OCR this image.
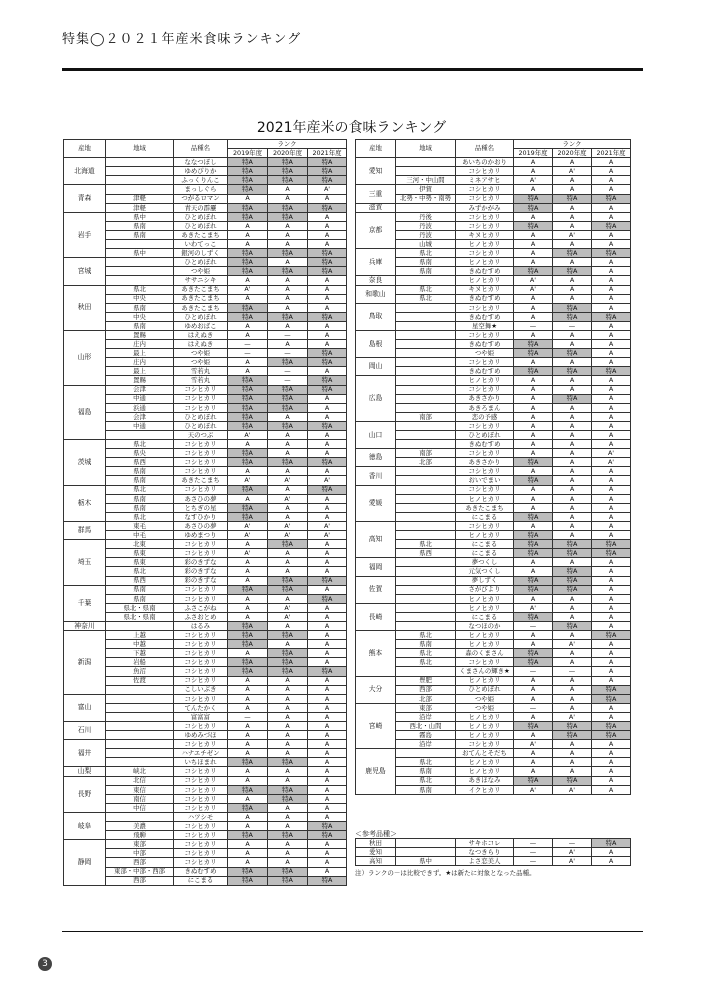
特集◯２０２１年産米食味ランキング
2021年産米の食味ランキング
産地	地域	品種名	ランク		
			2019年度	2020年度	2021年度
北海道		ななつぼし	特A	特A	特A
		ゆめぴりか	特A	特A	特A
		ふっくりんこ	特A	特A	特A
青森		まっしぐら	特A	A	A'
	津軽	つがるロマン	A	A	A
	津軽	青天の霹靂	特A	特A	特A
岩手	県中	ひとめぼれ	特A	特A	A
	県南	ひとめぼれ	A	A	A
	県南	あきたこまち	A	A	A
		いわてっこ	A	A	A
	県中	銀河のしずく	特A	特A	特A
宮城		ひとめぼれ	特A	A	特A
		つや姫	特A	特A	特A
		ササニシキ	A	A	A
秋田	県北	あきたこまち	A'	A	A
	中央	あきたこまち	A	A	A
	県南	あきたこまち	特A	A	A
	中央	ひとめぼれ	特A	特A	特A
	県南	ゆめおばこ	A	A	A
山形	置賜	はえぬき	A	—	A
	庄内	はえぬき	—	A	A
	最上	つや姫	—	—	特A
	庄内	つや姫	A	特A	特A
	最上	雪若丸	A	—	A
	置賜	雪若丸	特A	—	特A
福島	会津	コシヒカリ	特A	特A	特A
	中通	コシヒカリ	特A	特A	A
	浜通	コシヒカリ	特A	特A	A
	会津	ひとめぼれ	特A	A	A
	中通	ひとめぼれ	特A	特A	特A
		天のつぶ	A'	A	A
茨城	県北	コシヒカリ	A	A	A
	県央	コシヒカリ	特A	A	A
	県西	コシヒカリ	特A	特A	特A
	県南	コシヒカリ	A	A	A
	県南	あきたこまち	A'	A'	A'
栃木	県北	コシヒカリ	特A	A	特A
	県南	あさひの夢	A	A'	A
	県南	とちぎの星	特A	A	A
	県北	なすひかり	特A	A	A
群馬	東毛	あさひの夢	A'	A'	A'
	中毛	ゆめまつり	A'	A'	A'
埼玉	北東	コシヒカリ	A	特A	A
	県東	コシヒカリ	A'	A	A
	県東	彩のきずな	A	A	A
	県北	彩のきずな	A	A	A
	県西	彩のきずな	A	特A	特A
千葉	県南	コシヒカリ	特A	特A	A
	県南	コシヒカリ	A	A	特A
	県北・県南	ふさこがね	A	A'	A
	県北・県南	ふさおとめ	A	A'	A
神奈川		はるみ	特A	A	A
新潟	上越	コシヒカリ	特A	特A	A
	中越	コシヒカリ	特A	A	A
	下越	コシヒカリ	A	特A	A
	岩船	コシヒカリ	特A	特A	A
	魚沼	コシヒカリ	特A	特A	特A
	佐渡	コシヒカリ	A	A	A
		こしいぶき	A	A	A
富山		コシヒカリ	A	A	A
		てんたかく	A	A	A
		富富富	—	A	A
石川		コシヒカリ	A	A	A
		ゆめみづほ	A	A	A
福井		コシヒカリ	A	A	A
		ハナエチゼン	A	A	A
		いちほまれ	特A	特A	A
山梨	峡北	コシヒカリ	A	A	A
長野	北信	コシヒカリ	A	A	A
	東信	コシヒカリ	特A	特A	A
	南信	コシヒカリ	A	特A	A
	中信	コシヒカリ	特A	A	A
岐阜		ハツシモ	A	A	A
	美濃	コシヒカリ	A	A	特A
	飛騨	コシヒカリ	特A	特A	特A
静岡	東部	コシヒカリ	A	A	A
	中部	コシヒカリ	A	A	A
	西部	コシヒカリ	A	A	A
	東部・中部・西部	きぬむすめ	特A	特A	A
	西部	にこまる	特A	特A	特A
産地	地域	品種名	ランク		
			2019年度	2020年度	2021年度
愛知		あいちのかおり	A	A	A
		コシヒカリ	A	A'	A
	三河・中山間	ミネアサヒ	A'	A	A
三重	伊賀	コシヒカリ	A	A	A
	北勢・中勢・南勢	コシヒカリ	特A	特A	特A
滋賀		みずかがみ	特A	A	A
京都	丹後	コシヒカリ	A	A	A
	丹波	コシヒカリ	特A	A	特A
	丹波	キヌヒカリ	A	A'	A
	山城	ヒノヒカリ	A	A	A
兵庫	県北	コシヒカリ	A	特A	特A
	県南	ヒノヒカリ	A	A	A
	県南	きぬむすめ	特A	特A	A
奈良		ヒノヒカリ	A'	A	A
和歌山	県北	キヌヒカリ	A'	A	A
	県北	きぬむすめ	A	A	A
鳥取		コシヒカリ	A	特A	A
		きぬむすめ	A	特A	特A
		星空舞★	—	—	A
島根		コシヒカリ	A	A	A
		きぬむすめ	特A	A	A
		つや姫	特A	特A	A
岡山		コシヒカリ	A	A	A
		きぬむすめ	特A	特A	特A
広島		ヒノヒカリ	A	A	A
		コシヒカリ	A	A	A
		あきさかり	A	特A	A
		あきろまん	A	A	A
	南部	恋の予感	A	A	A
山口		コシヒカリ	A	A	A
		ひとめぼれ	A	A	A
		きぬむすめ	A	A	A
徳島	南部	コシヒカリ	A	A	A'
	北部	あきさかり	特A	A	A'
香川		コシヒカリ	A	A	A
		おいでまい	特A	A	A
愛媛		コシヒカリ	A	A	A
		ヒノヒカリ	A	A	A
		あきたこまち	A	A	A
		にこまる	特A	A	A
高知		コシヒカリ	A	A	A
		ヒノヒカリ	特A	A	A
	県北	にこまる	特A	特A	特A
	県西	にこまる	特A	特A	特A
福岡		夢つくし	A	A	A
		元気つくし	A	特A	A
佐賀		夢しずく	特A	特A	A
		さがびより	特A	特A	A
		ヒノヒカリ	A	A	A
長崎		ヒノヒカリ	A'	A	A
		にこまる	特A	A	A
		なつほのか	—	特A	A
熊本	県北	ヒノヒカリ	A	A	特A
	県南	ヒノヒカリ	A	A'	A
	県北	森のくまさん	特A	A	A
	県北	コシヒカリ	特A	A	A
		くまさんの輝き★	—	—	A
大分	豊肥	ヒノヒカリ	A	A	A
	西部	ひとめぼれ	A	A	特A
	北部	つや姫	A	A	特A
宮崎	東部	つや姫	—	A	A
	沿岸	ヒノヒカリ	A	A'	A
	西北・山間	ヒノヒカリ	特A	特A	特A
	霧島	ヒノヒカリ	A	特A	特A
	沿岸	コシヒカリ	A'	A	A
鹿児島		おてんとそだち	A	A	A
	県北	ヒノヒカリ	A	A	A
	県南	ヒノヒカリ	A	A	A
	県北	あきほなみ	特A	特A	A
	県南	イクヒカリ	A'	A'	A
＜参考品種＞
秋田		サキホコレ	—	—	特A
愛知		なつきらり	—	A'	A
高知	県中	よさ恋美人	—	A'	A
注）ランクの－は比較できず。★は新たに対象となった品種。
3
